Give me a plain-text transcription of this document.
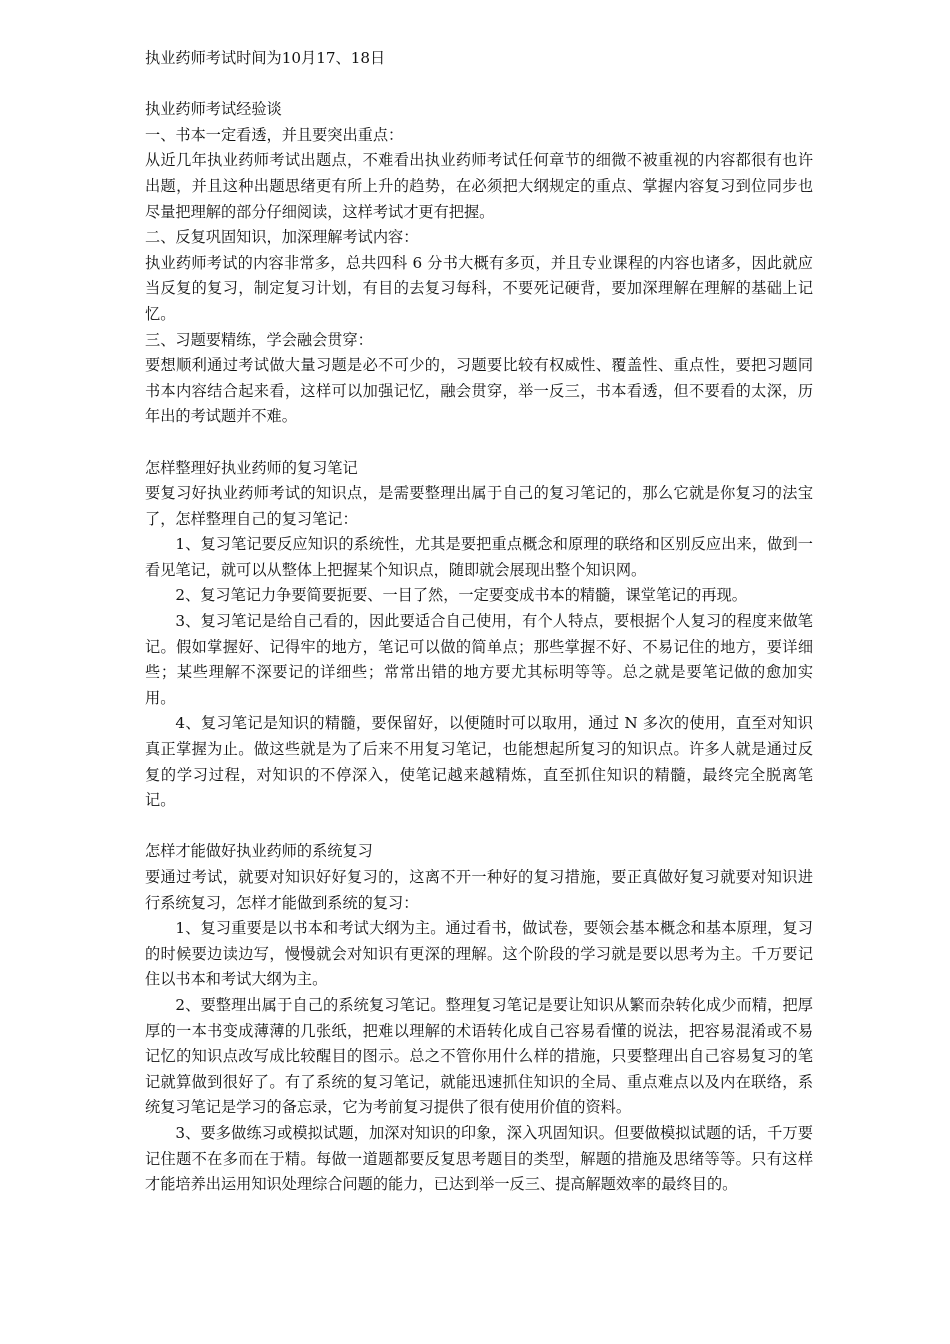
执业药师考试时间为10月17、18日

执业药师考试经验谈

一、书本一定看透，并且要突出重点：

从近几年执业药师考试出题点，不难看出执业药师考试任何章节的细微不被重视的内容都很有也许出题，并且这种出题思绪更有所上升的趋势，在必须把大纲规定的重点、掌握内容复习到位同步也尽量把理解的部分仔细阅读，这样考试才更有把握。

二、反复巩固知识，加深理解考试内容：

执业药师考试的内容非常多，总共四科 6 分书大概有多页，并且专业课程的内容也诸多，因此就应当反复的复习，制定复习计划，有目的去复习每科，不要死记硬背，要加深理解在理解的基础上记忆。

三、习题要精练，学会融会贯穿：

要想顺利通过考试做大量习题是必不可少的，习题要比较有权威性、覆盖性、重点性，要把习题同书本内容结合起来看，这样可以加强记忆，融会贯穿，举一反三，书本看透，但不要看的太深，历年出的考试题并不难。

怎样整理好执业药师的复习笔记

要复习好执业药师考试的知识点，是需要整理出属于自己的复习笔记的，那么它就是你复习的法宝了，怎样整理自己的复习笔记：

1、复习笔记要反应知识的系统性，尤其是要把重点概念和原理的联络和区别反应出来，做到一看见笔记，就可以从整体上把握某个知识点，随即就会展现出整个知识网。

2、复习笔记力争要简要扼要、一目了然，一定要变成书本的精髓，课堂笔记的再现。

3、复习笔记是给自己看的，因此要适合自己使用，有个人特点，要根据个人复习的程度来做笔记。假如掌握好、记得牢的地方，笔记可以做的简单点；那些掌握不好、不易记住的地方，要详细些；某些理解不深要记的详细些；常常出错的地方要尤其标明等等。总之就是要笔记做的愈加实用。

4、复习笔记是知识的精髓，要保留好，以便随时可以取用，通过 N 多次的使用，直至对知识真正掌握为止。做这些就是为了后来不用复习笔记，也能想起所复习的知识点。许多人就是通过反复的学习过程，对知识的不停深入，使笔记越来越精炼，直至抓住知识的精髓，最终完全脱离笔记。

怎样才能做好执业药师的系统复习

要通过考试，就要对知识好好复习的，这离不开一种好的复习措施，要正真做好复习就要对知识进行系统复习，怎样才能做到系统的复习：

1、复习重要是以书本和考试大纲为主。通过看书，做试卷，要领会基本概念和基本原理，复习的时候要边读边写，慢慢就会对知识有更深的理解。这个阶段的学习就是要以思考为主。千万要记住以书本和考试大纲为主。

2、要整理出属于自己的系统复习笔记。整理复习笔记是要让知识从繁而杂转化成少而精，把厚厚的一本书变成薄薄的几张纸，把难以理解的术语转化成自己容易看懂的说法，把容易混淆或不易记忆的知识点改写成比较醒目的图示。总之不管你用什么样的措施，只要整理出自己容易复习的笔记就算做到很好了。有了系统的复习笔记，就能迅速抓住知识的全局、重点难点以及内在联络，系统复习笔记是学习的备忘录，它为考前复习提供了很有使用价值的资料。

3、要多做练习或模拟试题，加深对知识的印象，深入巩固知识。但要做模拟试题的话，千万要记住题不在多而在于精。每做一道题都要反复思考题目的类型，解题的措施及思绪等等。只有这样才能培养出运用知识处理综合问题的能力，已达到举一反三、提高解题效率的最终目的。
